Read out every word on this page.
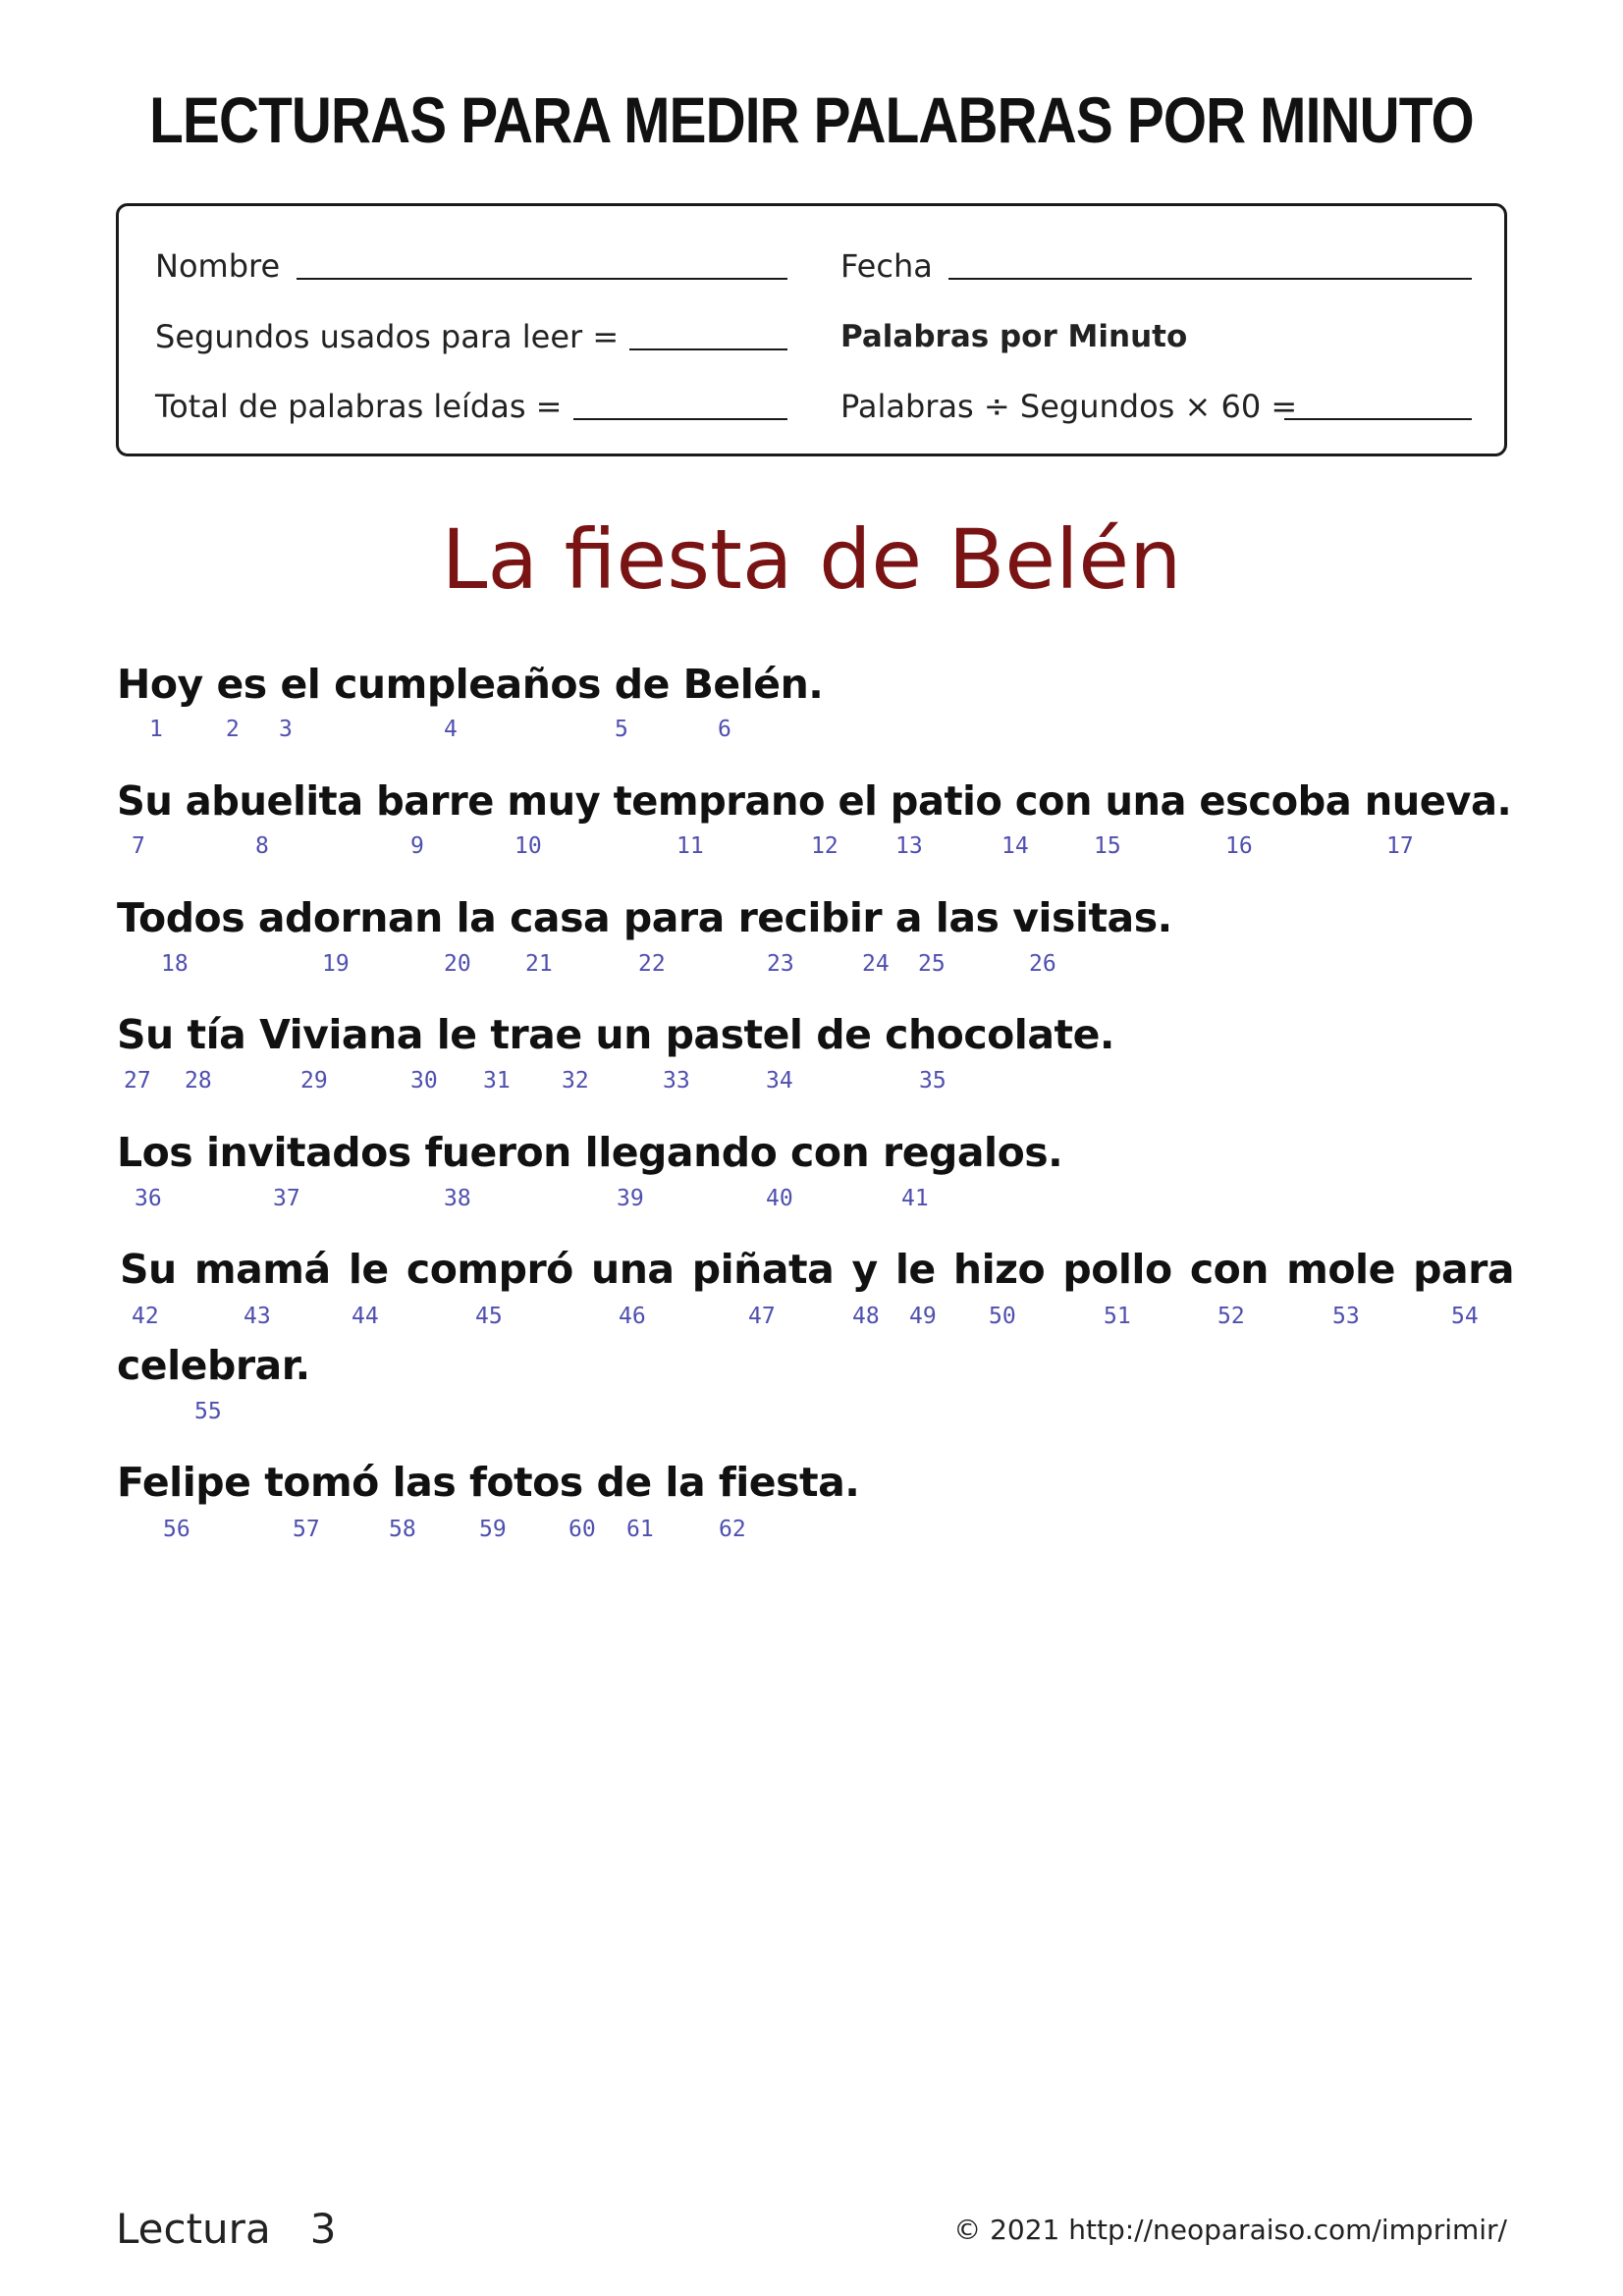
LECTURAS PARA MEDIR PALABRAS POR MINUTO
Nombre
Segundos usados para leer =
Total de palabras leídas =
Fecha
Palabras por Minuto
Palabras ÷ Segundos × 60 =
La fiesta de Belén

Hoy es el cumpleaños de Belén.

1	2 3	4	5	6

Su abuelita barre muy temprano el patio con una escoba nueva.

7	8	9	10	11	12	13	14	15	16	17

Todos adornan la casa para recibir a las visitas.

18	19	20 21	22	23	24 25	26

Su tía Viviana le trae un pastel de chocolate.

27 28	29	30 31 32	33	34	35

Los invitados fueron llegando con regalos.

36	37	38	39	40	41

Su mamá le compró una piñata y le hizo pollo con mole para

42	43	44	45	46	47	48 49 50	51	52	53	54

celebrar.

55

Felipe tomó las fotos de la fiesta.

56	57	58	59	60 61	62
Lectura   3	© 2021 http://neoparaiso.com/imprimir/
